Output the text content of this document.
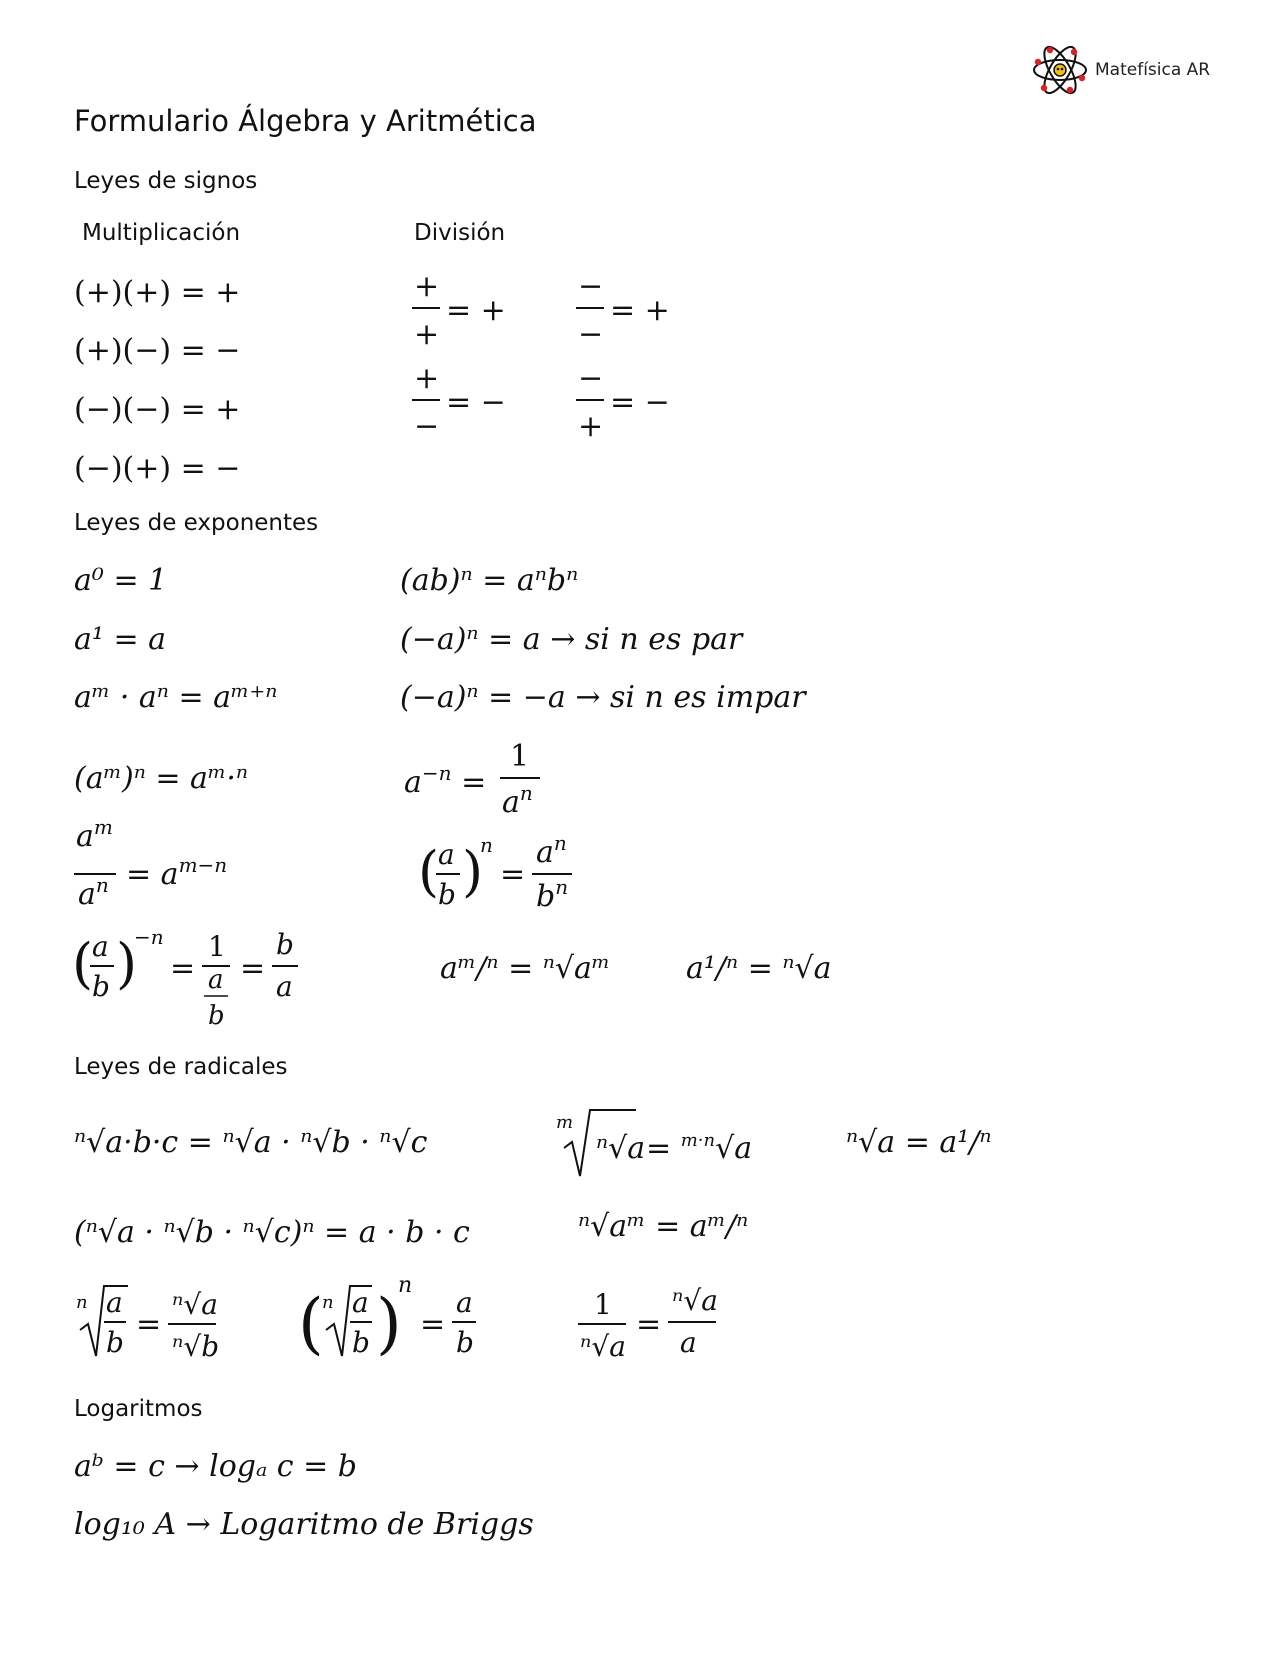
Matefísica AR
Formulario Álgebra y Aritmética
Leyes de signos
Multiplicación	División
(+)(+) = +
(+)(−) = −
(−)(−) = +
(−)(+) = −
Leyes de exponentes
a⁰ = 1
a¹ = a
aᵐ · aⁿ = aᵐ⁺ⁿ
(aᵐ)ⁿ = aᵐ·ⁿ
(ab)ⁿ = aⁿbⁿ
(−a)ⁿ = a → si n es par
(−a)ⁿ = −a → si n es impar
aᵐ/ⁿ = ⁿ√aᵐ	a¹/ⁿ = ⁿ√a
Leyes de radicales
ⁿ√a·b·c = ⁿ√a · ⁿ√b · ⁿ√c
(ⁿ√a · ⁿ√b · ⁿ√c)ⁿ = a · b · c	ⁿ√aᵐ = aᵐ/ⁿ
ⁿ√a = a¹/ⁿ
Logaritmos
aᵇ = c → logₐ c = b
log₁₀ A → Logaritmo de Briggs
+
+
= +
−
−
= +
+
−
= −
−
+
= −
$a^{-n}$ =
1
$a^n$
$a^m$
$a^n = a^{m-n}$	(
a
b )
n
=
$a^n$
$b^n$
(
a
b )
−n
=
1
a
b
=
b
a
m
ⁿ√a = $^{m\cdot n}$√a
n a
b
=
ⁿ√a
ⁿ√b (
n a
b )
n
=
a
b
1
ⁿ√a
=
ⁿ√a
a
